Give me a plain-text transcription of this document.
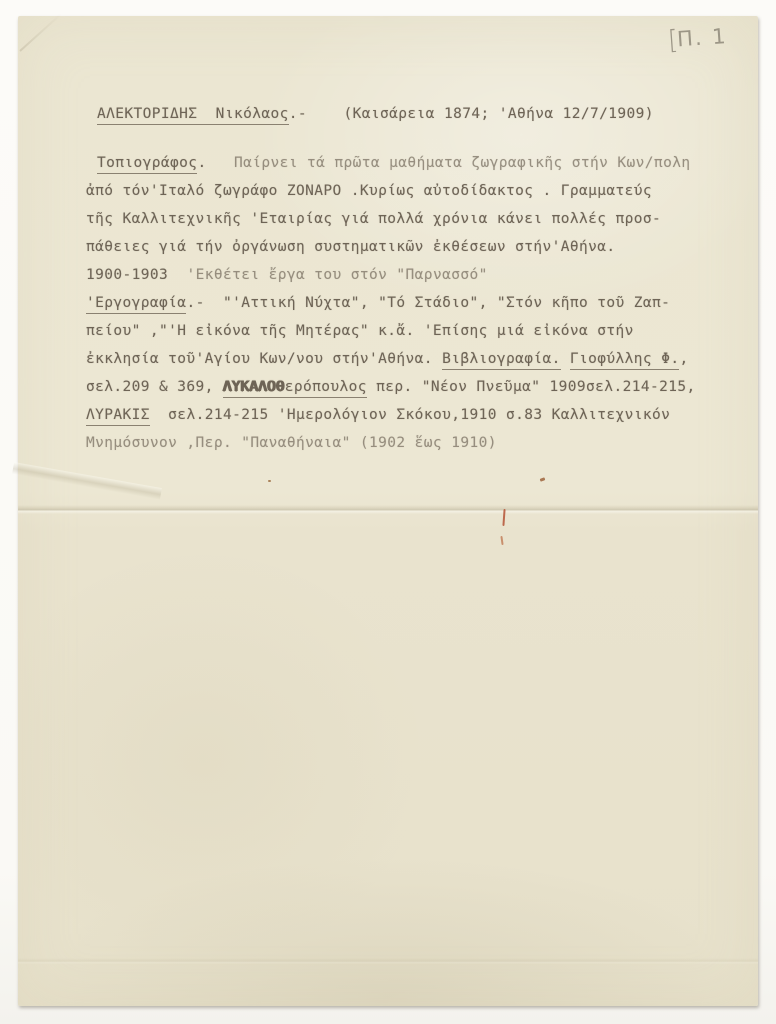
[Π. 1
ΑΛΕΚΤΟΡΙΔΗΣ  Νικόλαος.-    (Καισάρεια 1874; 'Αθήνα 12/7/1909)
Τοπιογράφος.   Παίρνει τά πρῶτα μαθήματα ζωγραφικῆς στήν Κων/πολη
ἀπό τόν'Ιταλό ζωγράφο ΖΟΝΑΡΟ .Κυρίως αὐτοδίδακτος . Γραμματεύς
τῆς Καλλιτεχνικῆς 'Εταιρίας γιά πολλά χρόνια κάνει πολλές προσ-
πάθειες γιά τήν ὀργάνωση συστηματικῶν ἐκθέσεων στήν'Αθήνα.
1900-1903  'Εκθέτει ἔργα του στόν "Παρνασσό"
'Εργογραφία.-  "'Αττική Νύχτα", "Τό Στάδιο", "Στόν κῆπο τοῦ Ζαπ-
πείου" ,"'Η εἰκόνα τῆς Μητέρας" κ.ἄ. 'Επίσης μιά εἰκόνα στήν
ἐκκλησία τοῦ'Αγίου Κων/νου στήν'Αθήνα. Βιβλιογραφία. Γιοφύλλης Φ.,
σελ.209 & 369, ΛΥΚΑΛΟθερόπουλος περ. "Νέον Πνεῦμα" 1909σελ.214-215,
ΛΥΡΑΚΙΣ  σελ.214-215 'Ημερολόγιον Σκόκου,1910 σ.83 Καλλιτεχνικόν
Μνημόσυνον ,Περ. "Παναθήναια" (1902 ἕως 1910)
